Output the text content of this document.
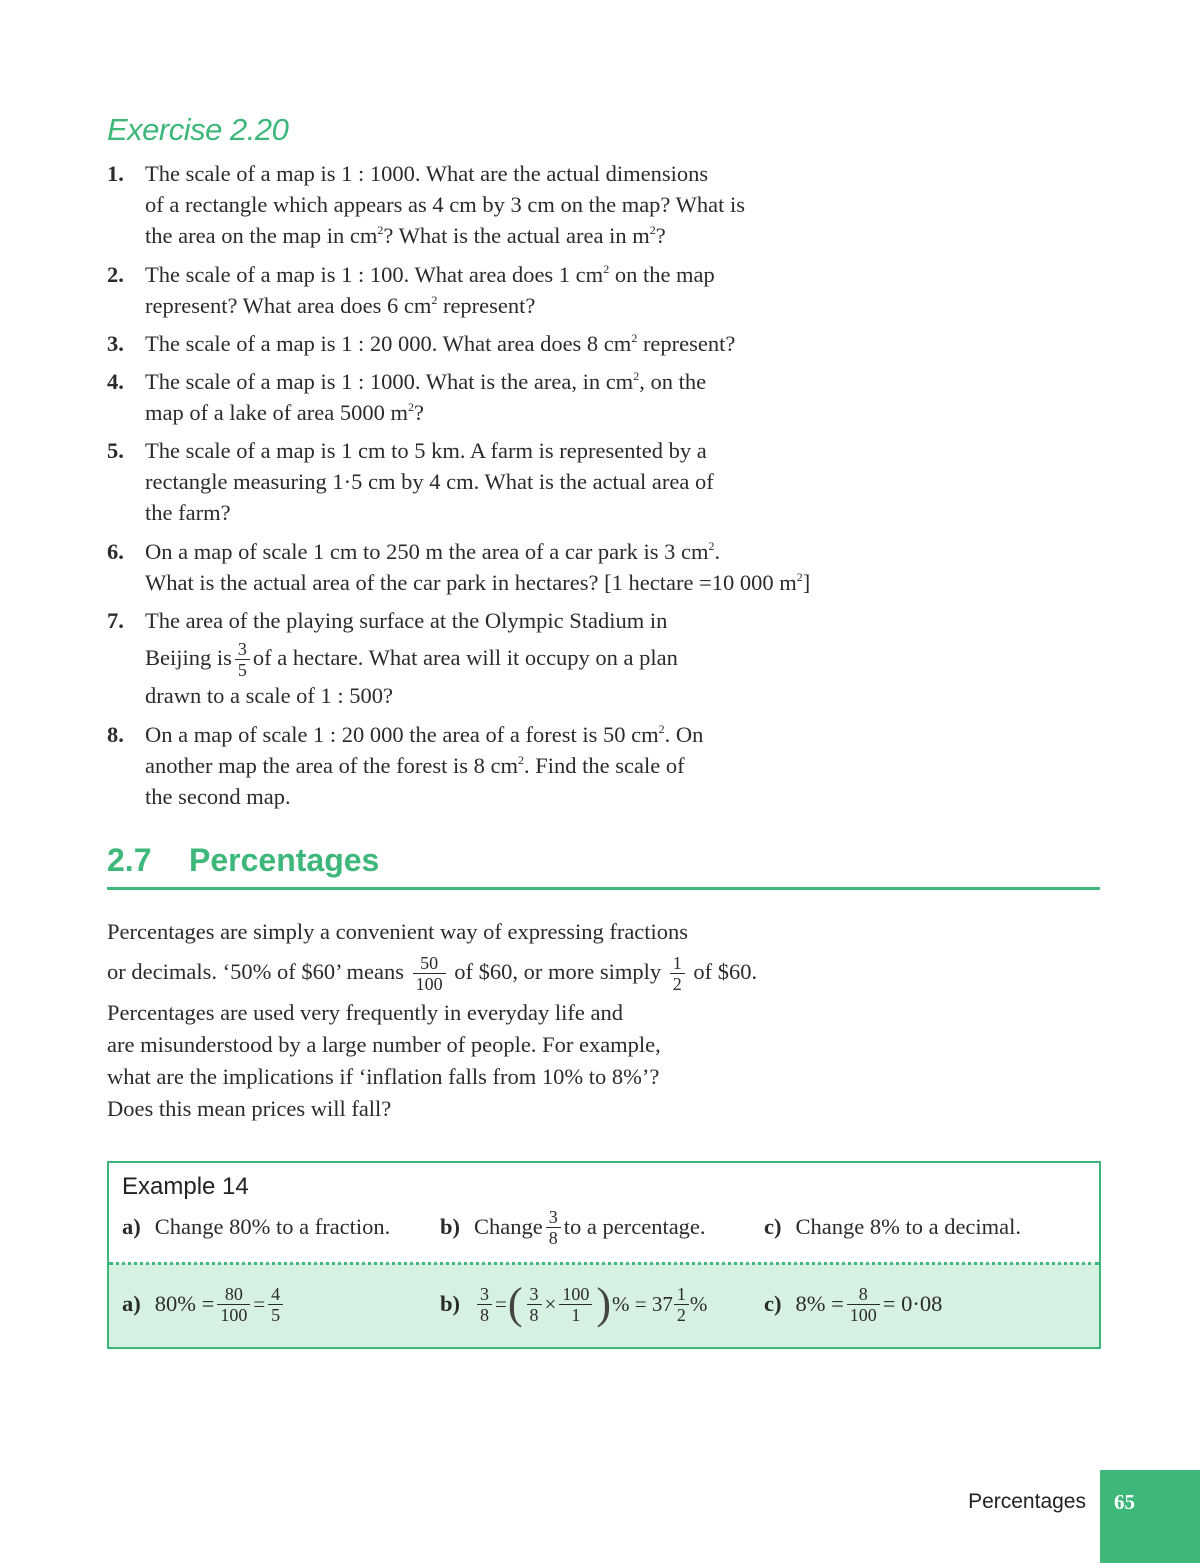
Exercise 2.20
1. The scale of a map is 1 : 1000. What are the actual dimensions
of a rectangle which appears as 4 cm by 3 cm on the map? What is
the area on the map in $cm^2$? What is the actual area in $m^2$?
2. The scale of a map is 1 : 100. What area does 1 $cm^2$ on the map
represent? What area does 6 $cm^2$ represent?
3. The scale of a map is 1 : 20 000. What area does 8 $cm^2$ represent?
4. The scale of a map is 1 : 1000. What is the area, in $cm^2$, on the
map of a lake of area 5000 $m^2$?
5. The scale of a map is 1 cm to 5 km. A farm is represented by a
rectangle measuring 1·5 cm by 4 cm. What is the actual area of
the farm?
6. On a map of scale 1 cm to 250 m the area of a car park is 3 $cm^2$.
What is the actual area of the car park in hectares? [1 hectare =10 000 $m^2$]
7. The area of the playing surface at the Olympic Stadium in
Beijing is $\frac{3}{5}$ of a hectare. What area will it occupy on a plan
drawn to a scale of 1 : 500?
8. On a map of scale 1 : 20 000 the area of a forest is 50 $cm^2$. On
another map the area of the forest is 8 $cm^2$. Find the scale of
the second map.
2.7 Percentages
Percentages are simply a convenient way of expressing fractions
or decimals. ‘50% of $60’ means $\frac{50}{100}$ of $60, or more simply $\frac{1}{2}$ of $60.
Percentages are used very frequently in everyday life and
are misunderstood by a large number of people. For example,
what are the implications if ‘inflation falls from 10% to 8%’?
Does this mean prices will fall?
Example 14
a) Change 80% to a fraction. b) Change $\frac{3}{8}$ to a percentage.	c) Change 8% to a decimal.
a) $80\% = \frac{80}{100} = \frac{4}{5}$	$b) \frac{3}{8}$ = ( $\frac{3}{8} \times \frac{100}{1}$ ) % = $37 \frac{1}{2}$ %	c) $8\% = \frac{8}{100} = 0\cdot 08$
Percentages 65
